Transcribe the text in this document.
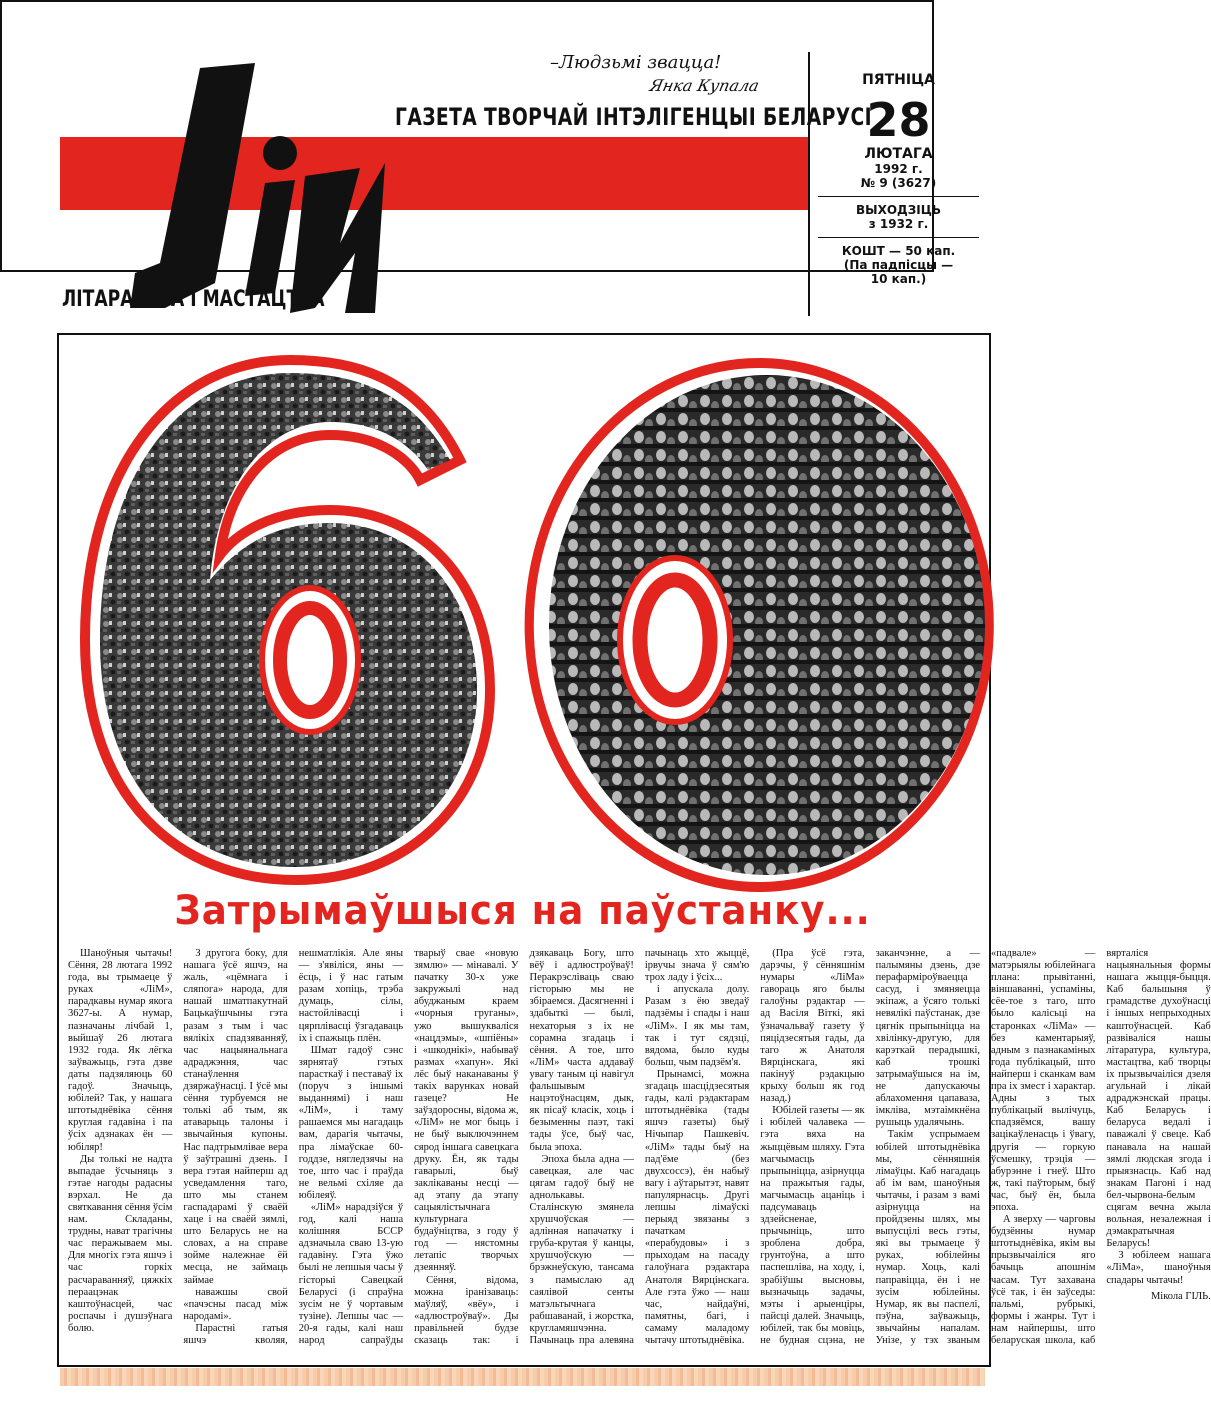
–Людзьмі звацца!
Янка Купала
ГАЗЕТА ТВОРЧАЙ ІНТЭЛІГЕНЦЫІ БЕЛАРУСІ
ЛІТАРАТУРА І МАСТАЦТВА
ПЯТНІЦА
28
ЛЮТАГА
1992 г.
№ 9 (3627)
ВЫХОДЗІЦЬ
з 1932 г.
КОШТ — 50 кап.
(Па падпісцы —
10 кап.)
Затрымаўшыся на паўстанку...

Шаноўныя чытачы! Сёння, 28 лютага 1992 года, вы трымаеце ў руках «ЛіМ», парадкавы нумар якога 3627-ы. А нумар, пазначаны лічбай 1, выйшаў 26 лютага 1932 года. Як лёгка заўважыць, гэта дзве даты падзяляюць 60 гадоў. Значыць, юбілей? Так, у нашага штотыднёвіка сёння круглая гадавіна і па ўсіх адзнаках ён — юбіляр!

Ды толькі не надта выпадае ўсчыняць з гэтае нагоды радасны вэрхал. Не да святкавання сёння ўсім нам. Складаны, трудны, нават трагічны час перажываем мы. Для многіх гэта яшчэ і час горкіх расчараванняў, цяжкіх пераацэнак каштоўнасцей, час роспачы і душэўнага болю.

З другога боку, для нашага ўсё яшчэ, на жаль, «цёмнага і сляпога» народа, для нашай шматпакутнай Бацькаўшчыны гэта разам з тым і час вялікіх спадзяванняў, час нацыянальнага адраджэння, час станаўлення дзяржаўнасці. І ўсё мы сёння турбуемся не толькі аб тым, як атаварыць талоны і звычайныя купоны. Нас падтрымлівае вера ў заўтрашні дзень. І вера гэтая найперш ад усведамлення таго, што мы станем гаспадарамі ў сваёй хаце і на сваёй зямлі, што Беларусь не на словах, а на справе зойме належнае ёй месца, не займаць займае

наважшы свой «пачэсны пасад між народамі».

Парастні гатыя яшчэ кволяя, нешматлікія. Але яны — з'явіліся, яны — ёсць, і ў нас гатым разам хопіць, трэба думаць, сілы, настойлівасці і цярплівасці ўзгадаваць іх і спажыць плён.

Шмат гадоў сэнс зярнятаў гэтых парасткаў і пеставаў іх (поруч з іншымі выданнямі) і наш «ЛіМ», і таму рашаемся мы нагадаць вам, дарагія чытачы, пра лімаўскае 60-годдзе, нягледзячы на тое, што час і праўда не вельмі схіляе да юбілеяў.

«ЛіМ» нарадзіўся ў год, калі наша колішняя БССР адзначыла сваю 13-ую гадавіну. Гэта ўжо былі не лепшыя часы ў гісторыі Савецкай Беларусі (і спраўна зусім не ў чортавым тузіне). Лепшы час — 20-я гады, калі наш народ сапраўды тварыў свае «новую зямлю» — мінавалі. У пачатку 30-х уже закружылі над абуджаным краем «чорныя груганы», ужо вышукваліся «нацдэмы», «шпіёны» і «шкоднікі», набываў размах «хапун». Які лёс быў наканаваны ў такіх варунках новай газеце? Не заўздоросны, відома ж, «ЛіМ» не мог быць і не быў выключэннем сярод іншага савецкага друку. Ён, як тады гаварылі, быў заклікаваны несці — ад этапу да этапу сацыялістычнага культурнага будаўніцтва, з году ў год — нястомны летапіс творчых дзеянняў.

Сёння, відома, можна іранізаваць: маўляў, «вёу», і «адлюстроўваў». Ды правільней будзе сказаць так: і дзякаваць Богу, што вёў і адлюстроўваў! Перакрэсліваць сваю гісторыю мы не збіраемся. Дасягненні і здабыткі — былі, нехаторыя з іх не сорамна згадаць і сёння. А тое, што «ЛіМ» часта аддаваў увагу таным ці навігул фальшывым нацэтоўнасцям, дык, як пісаў класік, хоць і безыменны паэт, такі тады ўсе, быў час, была эпоха.

Эпоха была адна — савецкая, але час цягам гадоў быў не аднолькавы. Сталінскую змянела хрушчоўская — адлінная напачатку і груба-крутая ў канцы, хрушчоўскую — брэжнеўскую, тансама з памыслаю ад саялівой сенты матэльтычнага рабшаванай, і жорстка, кругламяшчэнна. Пачынаць пра алевяна пачынаць хто жыццё, ірвучы знача ў сям'ю трох ладу і ўсіх...

і апускала долу. Разам з ёю зведаў падзёмы і спады і наш «ЛіМ». І як мы там, так і тут сядзці, вядома, было куды больш, чым падзём'я.

Прынамсі, можна згадаць шасцідзесятыя гады, калі рэдактарам штотыднёвіка (тады яшчэ газеты) быў Нічыпар Пашкевіч. «ЛіМ» тады быў на пад'ёме (без двухсоссэ), ён набыў вагу і аўтарытэт, навят папулярнасць. Другі лепшы лімаўскі перыяд звязаны з пачаткам «перабудовы» і з прыходам на пасаду галоўнага рэдактара Анатоля Вярцінскага. Але гэта ўжо — наш час, найдаўні, памятны, багі, і самаму маладому чытачу штотыднёвіка.

(Пра ўсё гэта, дарэчы, ў сённяшнім нумары «ЛіМа» гавораць яго былы галоўны рэдактар — ад Васіля Віткі, які ўзначальваў газету ў пяцідзесятыя гады, да таго ж Анатоля Вярцінскага, які пакінуў рэдакцыю крыху больш як год назад.)

Юбілей газеты — як і юбілей чалавека — гэта вяха на жыццёвым шляху. Гэта магчымасць прыпыніцца, азірнуцца на пражытыя гады, магчымасць ацаніць і падсумаваць здзейсненае, прычыніць, што зроблена добра, грунтоўна, а што паспешліва, на ходу, і, зрабіўшы высновы, вызначыць задачы, мэты і арыенціры, пайсці далей. Значыць, юбілей, так бы мовіць, не будная сцэна, не заканчэнне, а — палымяны дзень, дзе перафарміроўваецца сасуд, і змяняецца экіпаж, а ўсяго толькі невялікі паўстанак, дзе цягнік прыпыніцца на хвілінку-другую, для карэткай перадышкі, каб трошкі затрымаўшыся на ім, не дапускаючы аблахомення цапаваза, імкліва, мэтаімкнёна рушыць удалячынь.

Такім успрымаем юбілей штотыднёвіка мы, сённяшнія лімаўцы. Каб нагадаць аб ім вам, шаноўныя чытачы, і разам з вамі азірнуцца на пройдзены шлях, мы выпусцілі весь гэты, які вы трымаеце ў руках, юбілейны нумар. Хоць, калі паправіцца, ён і не зусім юбілейны. Нумар, як вы паспелі, пэўна, заўважыць, звычайны напалам. Унізе, у тэх званым «падвале» — матэрыялы юбілейнага плана: прывітанні, віншаванні, успаміны, сёе-тое з таго, што было калісьці на старонках «ЛіМа» — без каментарыяў, адным з пазнакаміных года публікацый, што найперш і сканкам вам пра іх змест і характар. Адны з тых публікацый вылічуць, спадзяёмся, вашу зацікаўленасць і ўвагу, другія — горкую ўсмешку, трэція — абурэнне і гнеў. Што ж, такі паўторым, быў час, быў ён, была эпоха.

А зверху — чарговы будзённы нумар штотыднёвіка, якім вы прызвычаіліся яго бачыць апошнім часам. Тут захавана ўсё так, і ён заўседы: пальмі, рубрыкі, формы і жанры. Тут і нам найпершы, што беларуская школа, каб вярталіся нацыянальныя формы нашага жыцця-быцця. Каб бальшыня ў грамадстве духоўнасці і іншых непрыходных каштоўнасцей. Каб развіваліся нашы літаратура, культура, мастацтва, каб творцы іх прызвычаіліся дзеля агульнай і лікай адраджэнскай працы. Каб Беларусь і беларуса ведалі і паважалі ў свеце. Каб панавала на нашай зямлі людская згода і прыязнасць. Каб над знакам Пагоні і над бел-чырвона-белым сцягам вечна жыла вольная, незалежная і дэмакратычная Беларусь!

З юбілеем нашага «ЛіМа», шаноўныя спадары чытачы!

Мікола ГІЛЬ.
